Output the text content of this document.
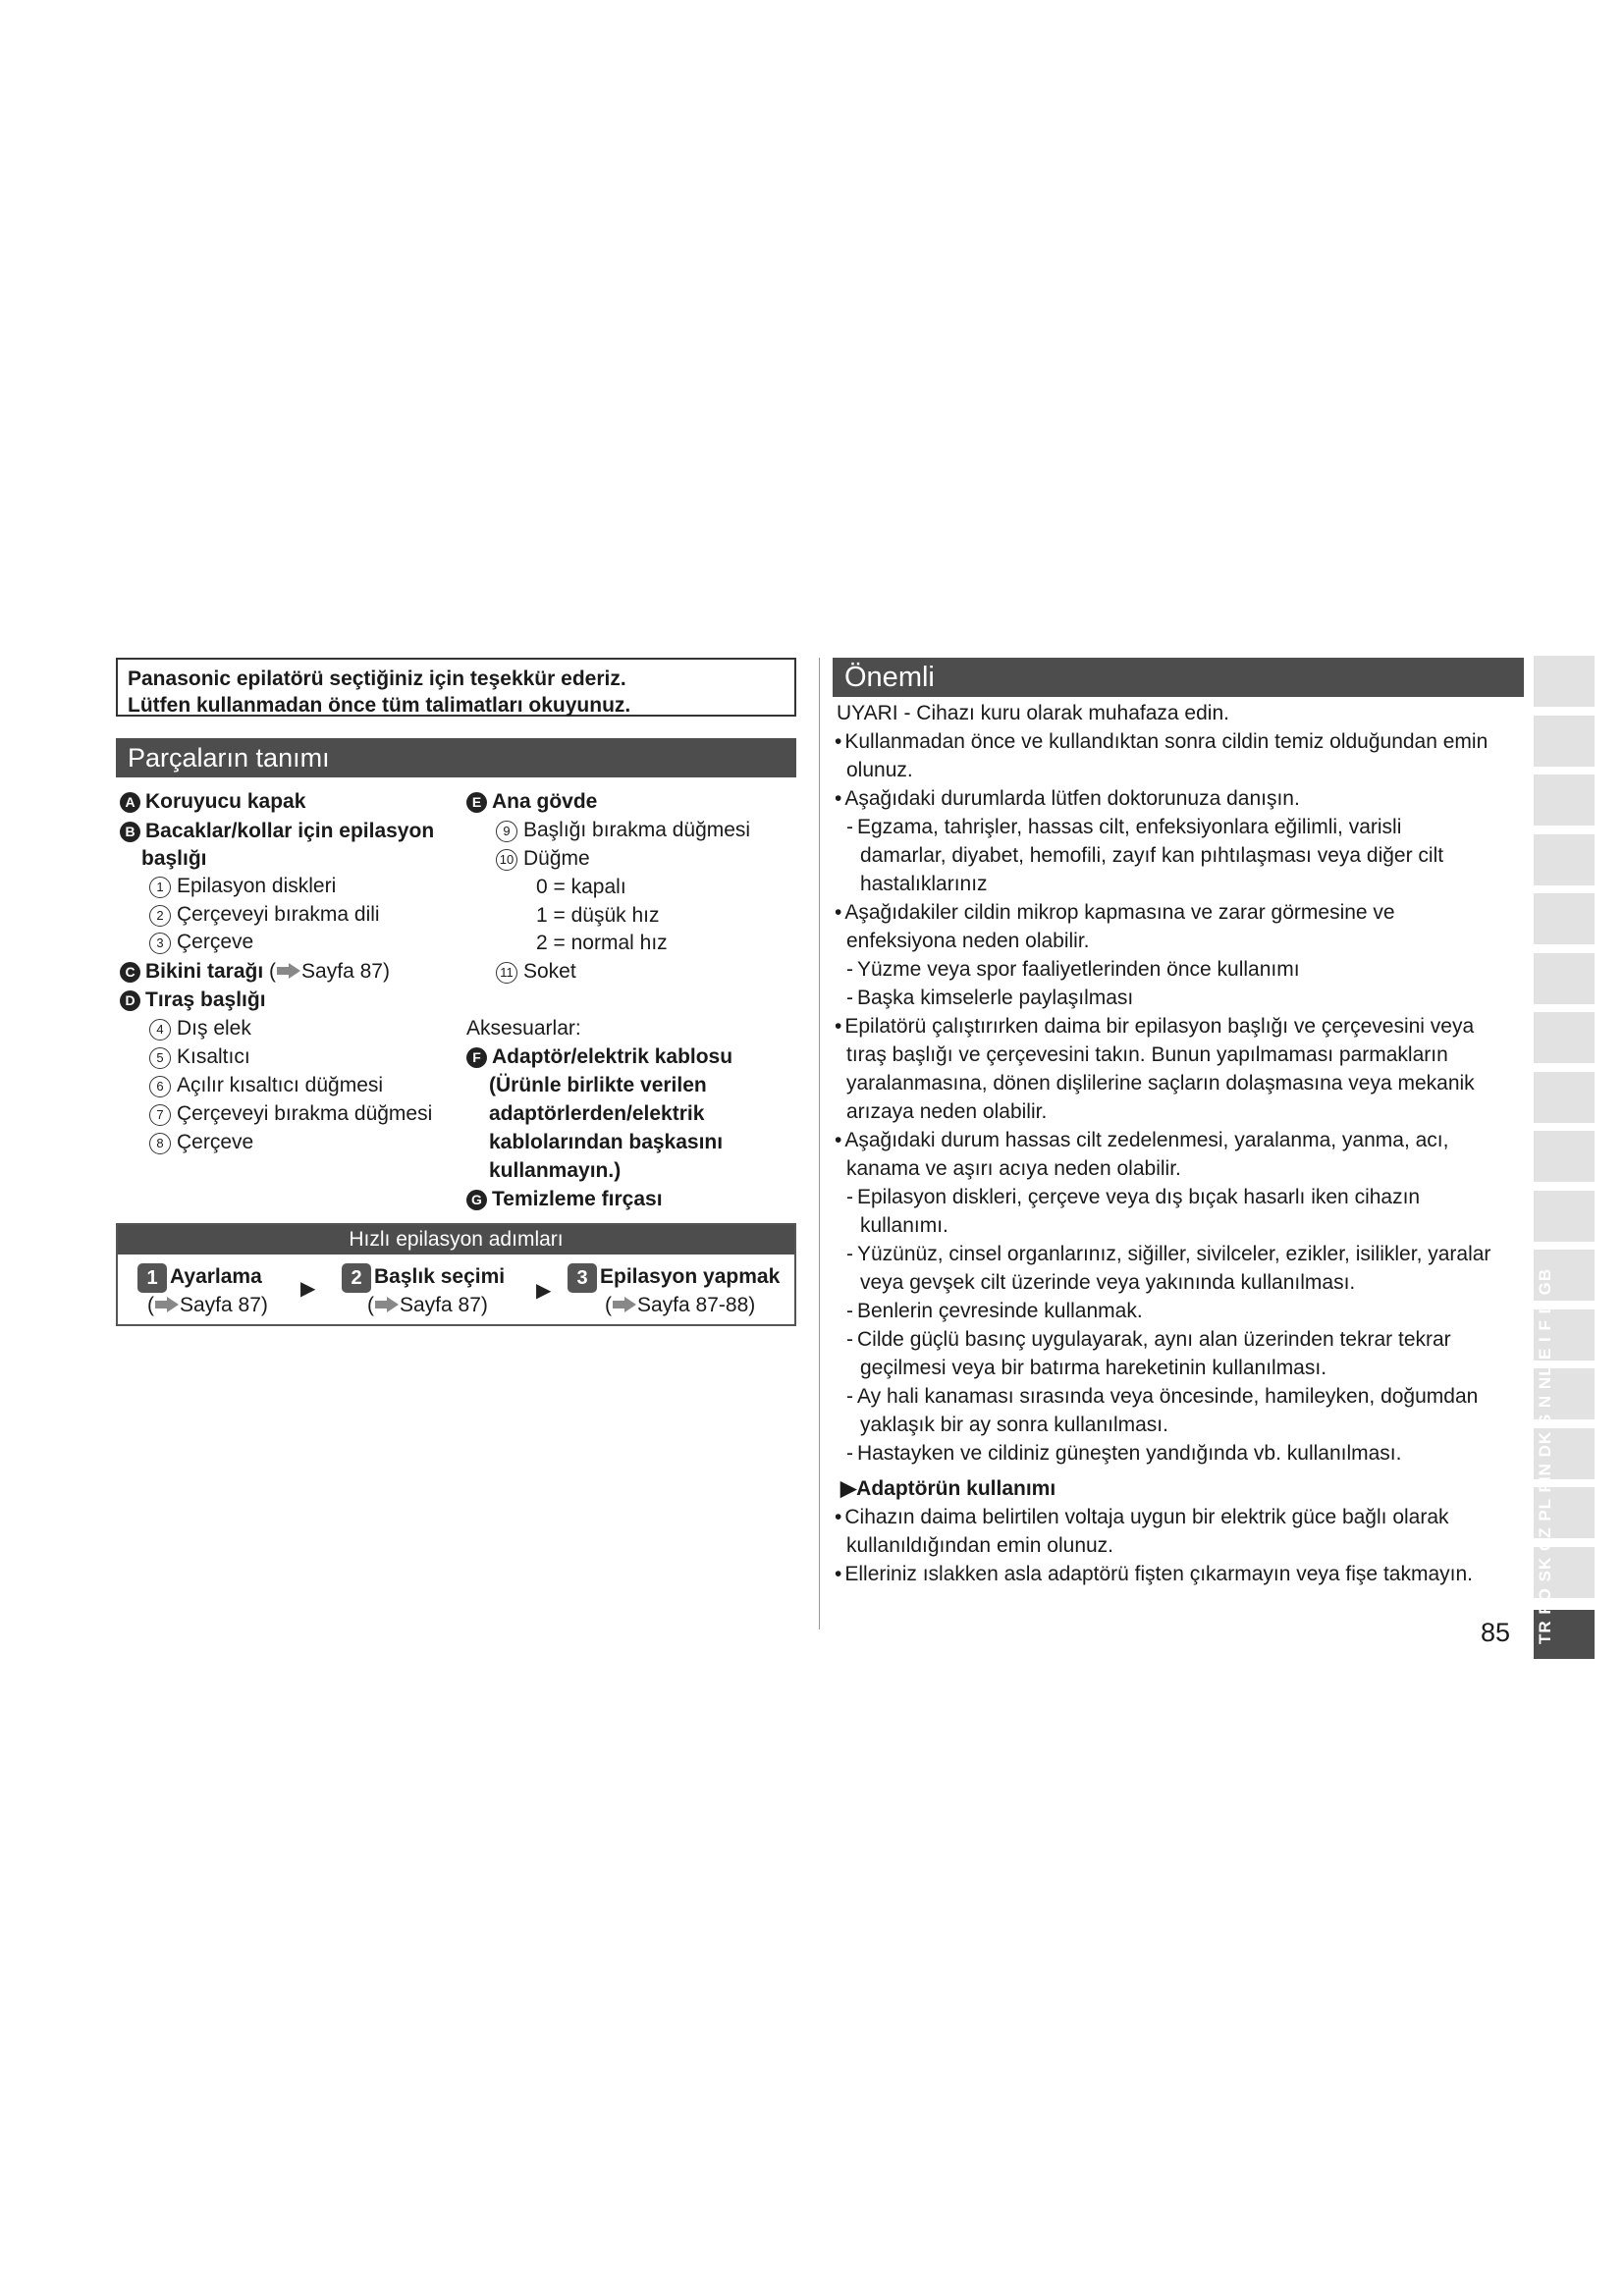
Panasonic epilatörü seçtiğiniz için teşekkür ederiz.
Lütfen kullanmadan önce tüm talimatları okuyunuz.
Parçaların tanımı
A Koruyucu kapak
B Bacaklar/kollar için epilasyon
başlığı
1 Epilasyon diskleri
2 Çerçeveyi bırakma dili
3 Çerçeve
C Bikini tarağı ( Sayfa 87)
D Tıraş başlığı
4 Dış elek
5 Kısaltıcı
6 Açılır kısaltıcı düğmesi
7 Çerçeveyi bırakma düğmesi
8 Çerçeve
E Ana gövde
9 Başlığı bırakma düğmesi
10 Düğme
0 = kapalı
1 = düşük hız
2 = normal hız
11 Soket
Aksesuarlar:
F Adaptör/elektrik kablosu
(Ürünle birlikte verilen
adaptörlerden/elektrik
kablolarından başkasını
kullanmayın.)
G Temizleme fırçası
Hızlı epilasyon adımları
1 Ayarlama
( Sayfa 87)
▶	2 Başlık seçimi
( Sayfa 87)
▶
3 Epilasyon yapmak
( Sayfa 87-88)
Önemli
UYARI - Cihazı kuru olarak muhafaza edin.
• Kullanmadan önce ve kullandıktan sonra cildin temiz olduğundan emin
olunuz.
• Aşağıdaki durumlarda lütfen doktorunuza danışın.
- Egzama, tahrişler, hassas cilt, enfeksiyonlara eğilimli, varisli
damarlar, diyabet, hemofili, zayıf kan pıhtılaşması veya diğer cilt
hastalıklarınız
• Aşağıdakiler cildin mikrop kapmasına ve zarar görmesine ve
enfeksiyona neden olabilir.
- Yüzme veya spor faaliyetlerinden önce kullanımı
- Başka kimselerle paylaşılması
• Epilatörü çalıştırırken daima bir epilasyon başlığı ve çerçevesini veya
tıraş başlığı ve çerçevesini takın. Bunun yapılmaması parmakların
yaralanmasına, dönen dişlilerine saçların dolaşmasına veya mekanik
arızaya neden olabilir.
• Aşağıdaki durum hassas cilt zedelenmesi, yaralanma, yanma, acı,
kanama ve aşırı acıya neden olabilir.
- Epilasyon diskleri, çerçeve veya dış bıçak hasarlı iken cihazın
kullanımı.
- Yüzünüz, cinsel organlarınız, siğiller, sivilceler, ezikler, isilikler, yaralar
veya gevşek cilt üzerinde veya yakınında kullanılması.
- Benlerin çevresinde kullanmak.
- Cilde güçlü basınç uygulayarak, aynı alan üzerinden tekrar tekrar
geçilmesi veya bir batırma hareketinin kullanılması.
- Ay hali kanaması sırasında veya öncesinde, hamileyken, doğumdan
yaklaşık bir ay sonra kullanılması.
- Hastayken ve cildiniz güneşten yandığında vb. kullanılması.
▶Adaptörün kullanımı
• Cihazın daima belirtilen voltaja uygun bir elektrik güce bağlı olarak
kullanıldığından emin olunuz.
• Elleriniz ıslakken asla adaptörü fişten çıkarmayın veya fişe takmayın.	TR RO SK CZ PL FIN DK S N NL E I F D GB
85
